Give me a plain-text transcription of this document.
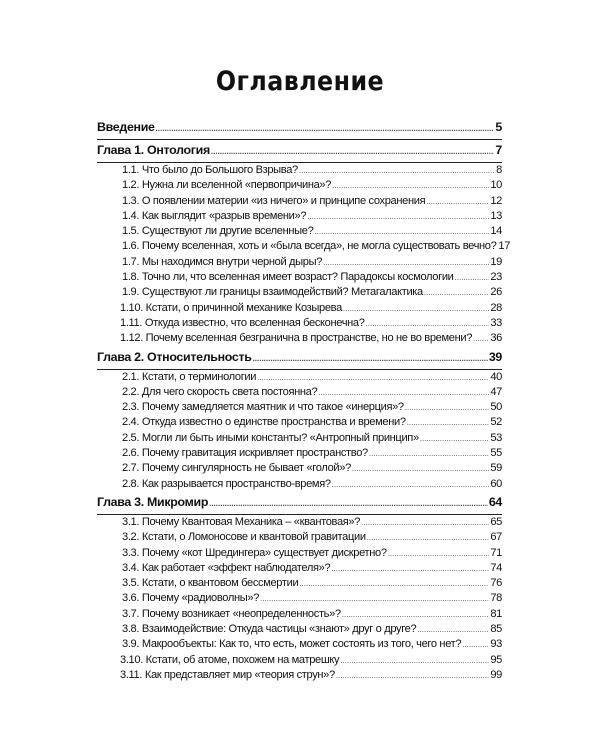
Оглавление
Введение .....	5
Глава 1. Онтология .....	7
1.1. Что было до Большого Взрыва? .....	8
1.2. Нужна ли вселенной «первопричина»? .....	10
1.3. О появлении материи «из ничего» и принципе сохранения .....	12
1.4. Как выглядит «разрыв времени»? .....	13
1.5. Существуют ли другие вселенные? .....	14
1.6. Почему вселенная, хоть и «была всегда», не могла существовать вечно? 17
1.7. Мы находимся внутри черной дыры? .....	19
1.8. Точно ли, что вселенная имеет возраст? Парадоксы космологии .....	23
1.9. Существуют ли границы взаимодействий? Метагалактика .....	26
1.10. Кстати, о причинной механике Козырева .....	28
1.11. Откуда известно, что вселенная бесконечна? .....	33
1.12. Почему вселенная безгранична в пространстве, но не во времени? ..... 36
Глава 2. Относительность .....	39
2.1. Кстати, о терминологии .....	40
2.2. Для чего скорость света постоянна? .....	47
2.3. Почему замедляется маятник и что такое «инерция»? .....	50
2.4. Откуда известно о единстве пространства и времени? .....	52
2.5. Могли ли быть иными константы? «Антропный принцип» .....	53
2.6. Почему гравитация искривляет пространство? .....	55
2.7. Почему сингулярность не бывает «голой»? .....	59
2.8. Как разрывается пространство-время? .....	60
Глава 3. Микромир .....	64
3.1. Почему Квантовая Механика – «квантовая»? .....	65
3.2. Кстати, о Ломоносове и квантовой гравитации .....	67
3.3. Почему «кот Шредингера» существует дискретно? .....	71
3.4. Как работает «эффект наблюдателя»? .....	74
3.5. Кстати, о квантовом бессмертии .....	76
3.6. Почему «радиоволны»? .....	78
3.7. Почему возникает «неопределенность»? .....	81
3.8. Взаимодействие: Откуда частицы «знают» друг о друге? .....	85
3.9. Макрообъекты: Как то, что есть, может состоять из того, чего нет? .....	93
3.10. Кстати, об атоме, похожем на матрешку .....	95
3.11. Как представляет мир «теория струн»? .....	99
